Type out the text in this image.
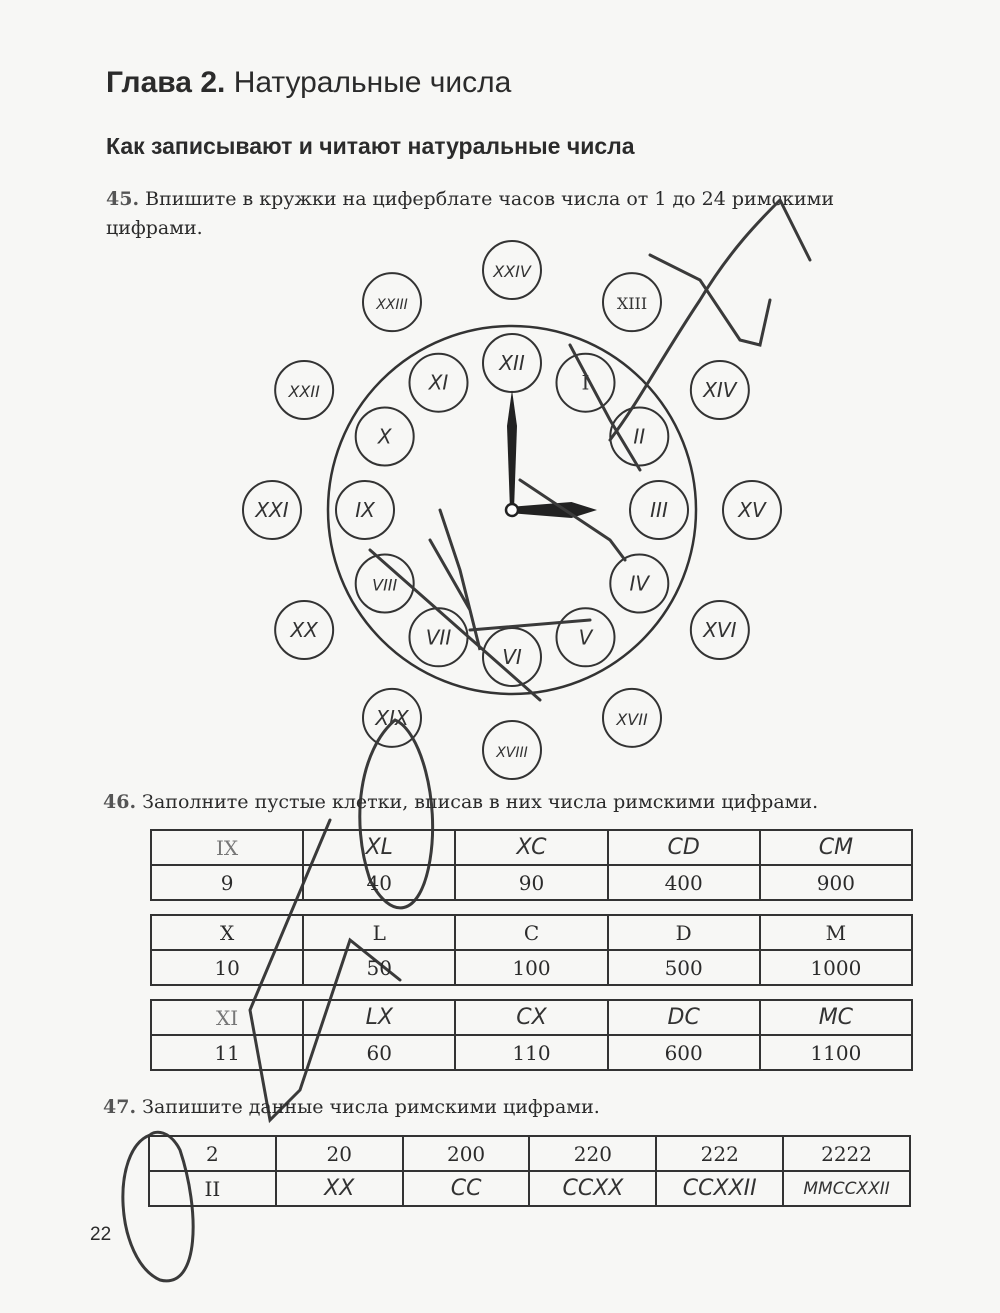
Глава 2. Натуральные числа
Как записывают и читают натуральные числа
45. Впишите в кружки на циферблате часов числа от 1 до 24 римскими цифрами.
XII
I
II
III
IV
V
VI
VII
VIII
IX
X
XI
XXIV
XIII
XIV
XV
XVI
XVII
XVIII
XIX
XX
XXI
XXII
XXIII
46. Заполните пустые клетки, вписав в них числа римскими цифрами.
IX	XL	XC	CD	CM
9	40	90	400	900
X	L	C	D	M
10	50	100	500	1000
XI	LX	CX	DC	MC
11	60	110	600	1100
47. Запишите данные числа римскими цифрами.
2	20	200	220	222	2222
II	XX	CC	CCXX	CCXXII	MMCCXXII
22
